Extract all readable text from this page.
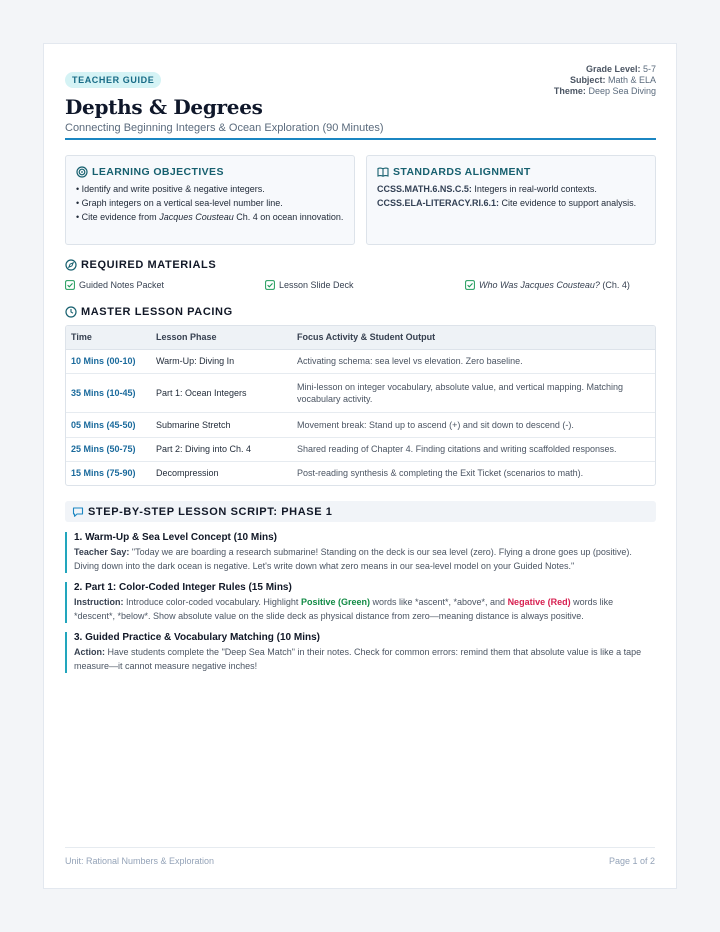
TEACHER GUIDE
Depths & Degrees
Connecting Beginning Integers & Ocean Exploration (90 Minutes)
Grade Level: 5-7
Subject: Math & ELA
Theme: Deep Sea Diving
LEARNING OBJECTIVES
• Identify and write positive & negative integers.
• Graph integers on a vertical sea-level number line.
• Cite evidence from Jacques Cousteau Ch. 4 on ocean innovation.
STANDARDS ALIGNMENT
CCSS.MATH.6.NS.C.5: Integers in real-world contexts.
CCSS.ELA-LITERACY.RI.6.1: Cite evidence to support analysis.
REQUIRED MATERIALS
Guided Notes Packet	Lesson Slide Deck	Who Was Jacques Cousteau? (Ch. 4)
MASTER LESSON PACING
Time	Lesson Phase	Focus Activity & Student Output
10 Mins (00-10)	Warm-Up: Diving In	Activating schema: sea level vs elevation. Zero baseline.
35 Mins (10-45)	Part 1: Ocean Integers	Mini-lesson on integer vocabulary, absolute value, and vertical mapping. Matching vocabulary activity.
05 Mins (45-50)	Submarine Stretch	Movement break: Stand up to ascend (+) and sit down to descend (-).
25 Mins (50-75)	Part 2: Diving into Ch. 4	Shared reading of Chapter 4. Finding citations and writing scaffolded responses.
15 Mins (75-90)	Decompression	Post-reading synthesis & completing the Exit Ticket (scenarios to math).
STEP-BY-STEP LESSON SCRIPT: PHASE 1
1. Warm-Up & Sea Level Concept (10 Mins)
Teacher Say: "Today we are boarding a research submarine! Standing on the deck is our sea level (zero). Flying a drone goes up (positive). Diving down into the dark ocean is negative. Let's write down what zero means in our sea-level model on your Guided Notes."
2. Part 1: Color-Coded Integer Rules (15 Mins)
Instruction: Introduce color-coded vocabulary. Highlight Positive (Green) words like *ascent*, *above*, and Negative (Red) words like *descent*, *below*. Show absolute value on the slide deck as physical distance from zero—meaning distance is always positive.
3. Guided Practice & Vocabulary Matching (10 Mins)
Action: Have students complete the "Deep Sea Match" in their notes. Check for common errors: remind them that absolute value is like a tape measure—it cannot measure negative inches!
Unit: Rational Numbers & Exploration	Page 1 of 2
